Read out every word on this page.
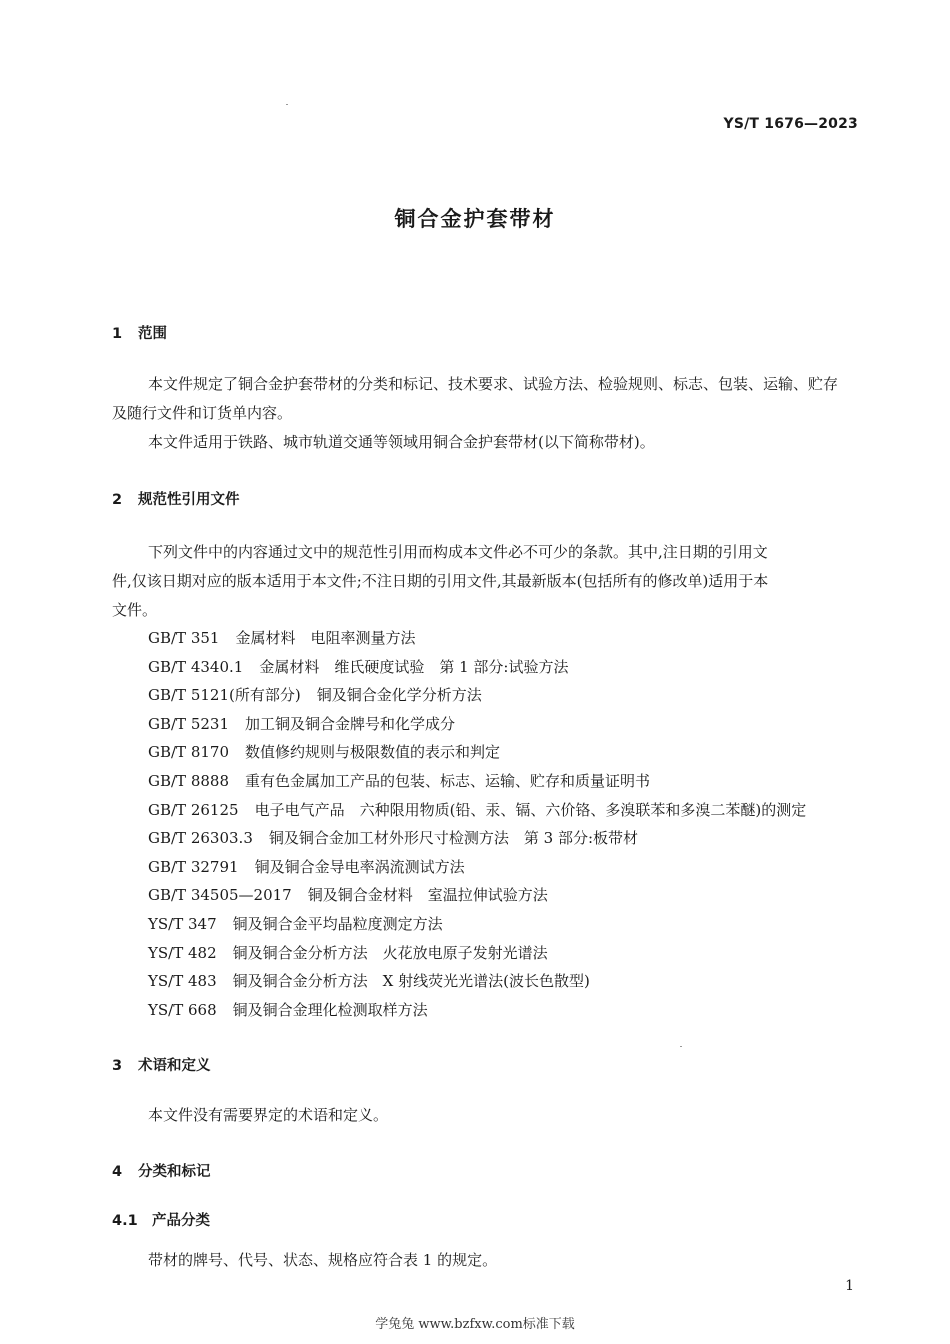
YS/T 1676—2023
铜合金护套带材
1 范围
本文件规定了铜合金护套带材的分类和标记、技术要求、试验方法、检验规则、标志、包装、运输、贮存
及随行文件和订货单内容。
本文件适用于铁路、城市轨道交通等领域用铜合金护套带材(以下简称带材)。
2 规范性引用文件
下列文件中的内容通过文中的规范性引用而构成本文件必不可少的条款。其中,注日期的引用文
件,仅该日期对应的版本适用于本文件;不注日期的引用文件,其最新版本(包括所有的修改单)适用于本
文件。
GB/T 351 金属材料　电阻率测量方法
GB/T 4340.1 金属材料　维氏硬度试验　第 1 部分:试验方法
GB/T 5121(所有部分) 铜及铜合金化学分析方法
GB/T 5231 加工铜及铜合金牌号和化学成分
GB/T 8170 数值修约规则与极限数值的表示和判定
GB/T 8888 重有色金属加工产品的包装、标志、运输、贮存和质量证明书
GB/T 26125 电子电气产品　六种限用物质(铅、汞、镉、六价铬、多溴联苯和多溴二苯醚)的测定
GB/T 26303.3 铜及铜合金加工材外形尺寸检测方法　第 3 部分:板带材
GB/T 32791 铜及铜合金导电率涡流测试方法
GB/T 34505—2017 铜及铜合金材料　室温拉伸试验方法
YS/T 347 铜及铜合金平均晶粒度测定方法
YS/T 482 铜及铜合金分析方法　火花放电原子发射光谱法
YS/T 483 铜及铜合金分析方法　X 射线荧光光谱法(波长色散型)
YS/T 668 铜及铜合金理化检测取样方法
3 术语和定义
本文件没有需要界定的术语和定义。
4 分类和标记
4.1 产品分类
带材的牌号、代号、状态、规格应符合表 1 的规定。
1
学兔兔 www.bzfxw.com标准下载
